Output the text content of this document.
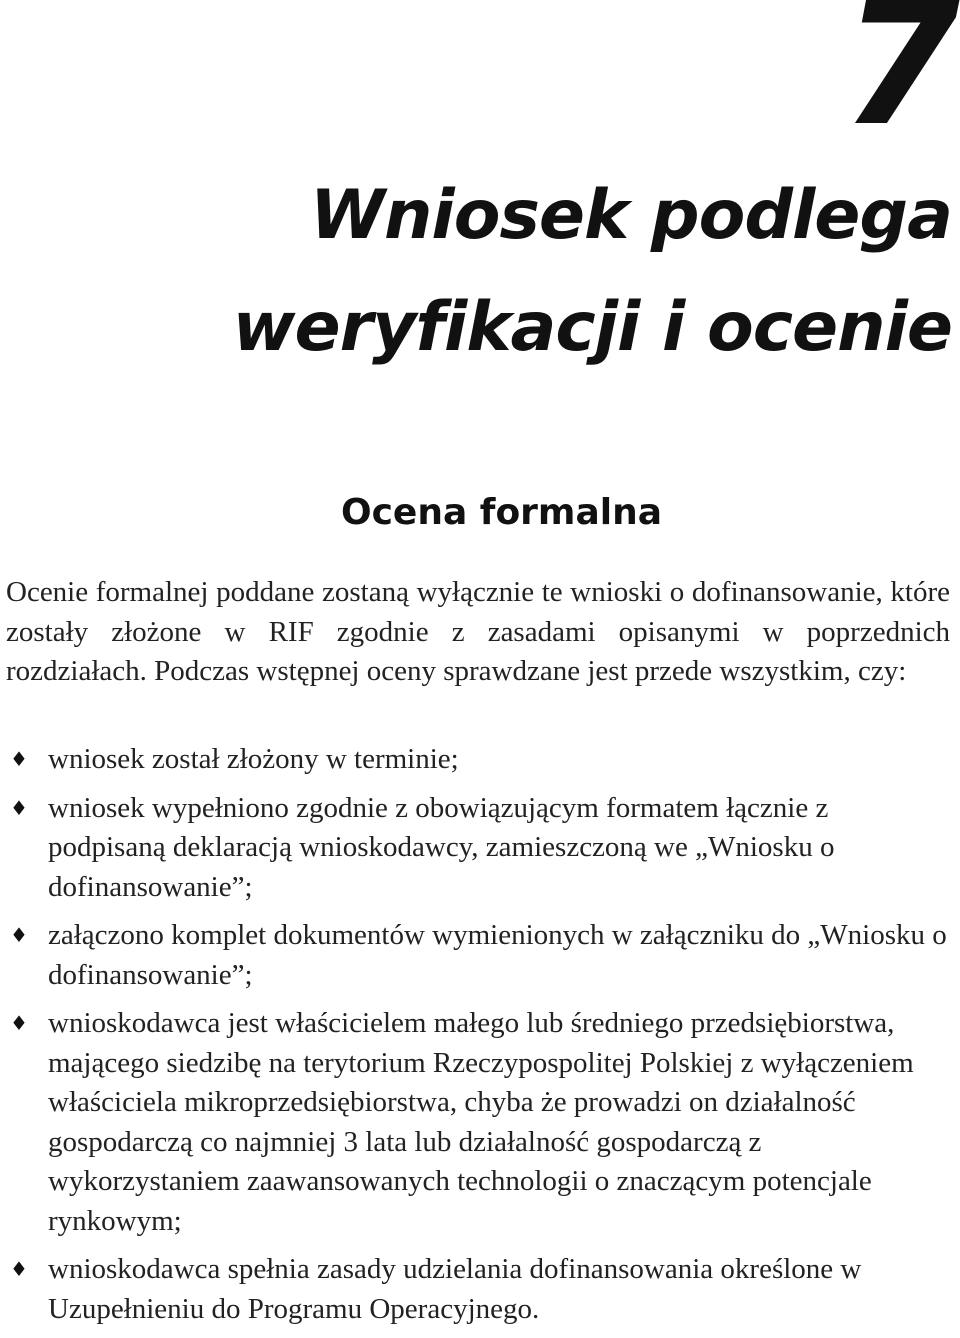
7
Wniosek podlega weryfikacji i ocenie
Ocena formalna

Ocenie formalnej poddane zostaną wyłącznie te wnioski o dofinansowanie, które zostały złożone w RIF zgodnie z zasadami opisanymi w poprzednich rozdziałach. Podczas wstępnej oceny sprawdzane jest przede wszystkim, czy:

♦ wniosek został złożony w terminie;
♦ wniosek wypełniono zgodnie z obowiązującym formatem łącznie z podpisaną deklaracją wnioskodawcy, zamieszczoną we „Wniosku o dofinansowanie”;
♦ załączono komplet dokumentów wymienionych w załączniku do „Wniosku o dofinansowanie”;
♦ wnioskodawca jest właścicielem małego lub średniego przedsiębiorstwa, mającego siedzibę na terytorium Rzeczypospolitej Polskiej z wyłączeniem właściciela mikroprzedsiębiorstwa, chyba że prowadzi on działalność gospodarczą co najmniej 3 lata lub działalność gospodarczą z wykorzystaniem zaawansowanych technologii o znaczącym potencjale rynkowym;
♦ wnioskodawca spełnia zasady udzielania dofinansowania określone w Uzupełnieniu do Programu Operacyjnego.
